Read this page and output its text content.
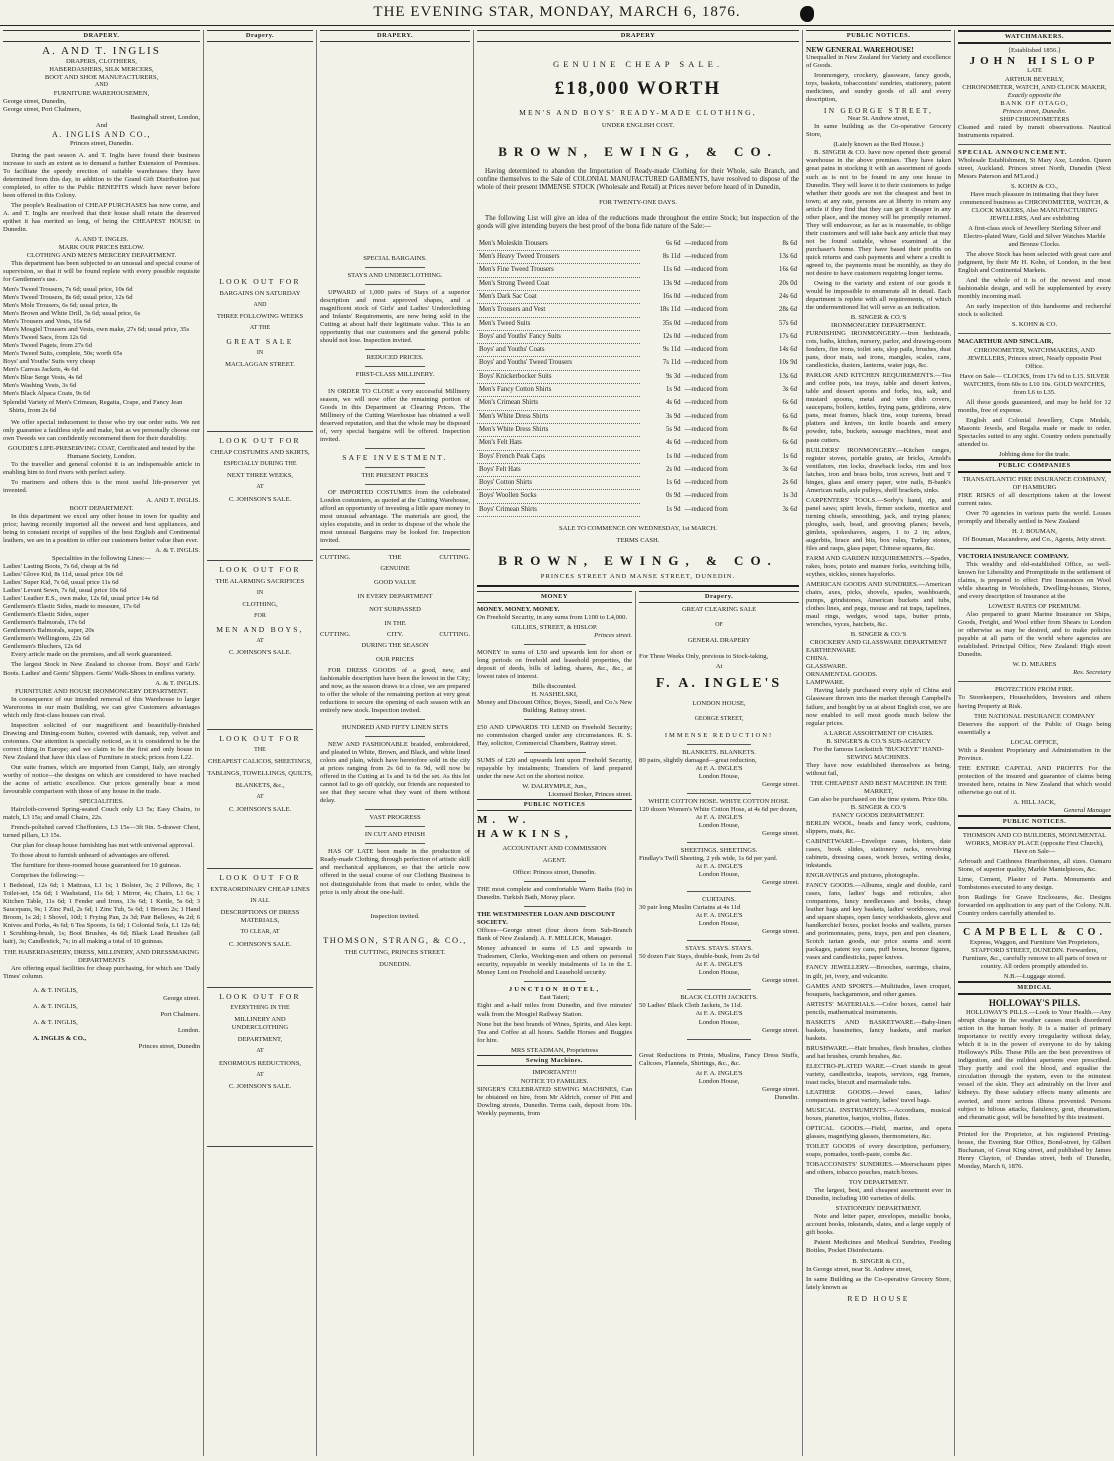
THE EVENING STAR, MONDAY, MARCH 6, 1876.
DRAPERY.
A. AND T. INGLIS
DRAPERS, CLOTHIERS,
HABERDASHERS, SILK MERCERS,
BOOT AND SHOE MANUFACTURERS,
AND
FURNITURE WAREHOUSEMEN,
George street, Dunedin,
George street, Port Chalmers,
Basinghall street, London,
And
A. INGLIS AND CO.,
Princes street, Dunedin.

During the past season A. and T. Inglis have found their business increase to such an extent as to demand a further Extension of Premises. To facilitate the speedy erection of suitable warehouses they have determined from this day, in addition to the Grand Gift Distribution just completed, to offer to the Public BENEFITS which have never before been offered in this Colony.

The people's Realisation of CHEAP PURCHASES has now come, and A. and T. Inglis are resolved that their house shall retain the deserved epithet it has merited so long, of being the CHEAPEST HOUSE in Dunedin.

A. AND T. INGLIS.
MARK OUR PRICES BELOW.
CLOTHING AND MEN'S MERCERY DEPARTMENT.

This department has been subjected to an unusual and special course of supervision, so that it will be found replete with every possible requisite for Gentlemen's use.

Men's Tweed Trousers, 7s 6d; usual price, 10s 6d
Men's Tweed Trousers, 8s 6d; usual price, 12s 6d
Men's Mole Trousers, 6s 6d; usual price, 8s
Men's Brown and White Drill, 3s 6d; usual price, 6s
Men's Trousers and Vests, 16s 6d
Men's Mosgiel Trousers and Vests, own make, 27s 6d; usual price, 35s
Men's Tweed Sacs, from 12s 6d
Men's Tweed Pagets, from 27s 6d
Men's Tweed Suits, complete, 50s; worth 65s
Boys' and Youths' Suits very cheap
Men's Canvas Jackets, 4s 6d
Men's Blue Serge Vests, 4s 6d
Men's Washing Vests, 3s 6d
Men's Black Alpaca Coats, 9s 6d
Splendid Variety of Men's Crimean, Regatta, Crape, and Fancy Jean Shirts, from 2s 6d

We offer special inducement to those who try our order suits. We not only guarantee a faultless style and make, but as we personally choose our own Tweeds we can confidently recommend them for their durability.

GOUDIE'S LIFE-PRESERVING COAT, Certificated and tested by the Humane Society, London.

To the traveller and general colonist it is an indispensable article in enabling him to ford rivers with perfect safety.

To mariners and others this is the most useful life-preserver yet invented.

A. AND T. INGLIS.
BOOT DEPARTMENT.

In this department we excel any other house in town for quality and price; having recently imported all the newest and best appliances, and being in constant receipt of supplies of the best English and Continental leathers, we are in a position to offer our customers better value than ever.

A. & T. INGLIS.
Specialities in the following Lines:—
Ladies' Lasting Boots, 7s 6d, cheap at 9s 6d
Ladies' Glove Kid, 8s 11d, usual price 10s 6d
Ladies' Super Kid, 7s 6d, usual price 11s 6d
Ladies' Levant Sewn, 7s 6d, usual price 10s 6d
Ladies' Leather E.S., own make, 12s 6d, usual price 14s 6d
Gentlemen's Elastic Sides, made to measure, 17s 6d
Gentlemen's Elastic Sides, super
Gentlemen's Balmorals, 17s 6d
Gentlemen's Balmorals, super, 20s
Gentlemen's Wellingtons, 22s 6d
Gentlemen's Bluchers, 12s 6d

Every article made on the premises, and all work guaranteed.

The largest Stock in New Zealand to choose from. Boys' and Girls' Boots. Ladies' and Gents' Slippers. Gents' Walk-Shoes in endless variety.

A. & T. INGLIS.
FURNITURE AND HOUSE IRONMONGERY DEPARTMENT.

In consequence of our intended removal of this Warehouse to larger Warerooms in our main Building, we can give Customers advantages which only first-class houses can rival.

Inspection solicited of our magnificent and beautifully-finished Drawing and Dining-room Suites, covered with damask, rep, velvet and cretonnes. Our attention is specially noticed, as it is considered to be the correct thing in Europe; and we claim to be the first and only house in New Zealand that have this class of Furniture in stock; prices from L22.

Our suite frames, which are imported from Campi, Italy, are strongly worthy of notice—the designs on which are considered to have reached the acme of artistic excellence. Our prices generally bear a most favourable comparison with those of any house in the trade.

SPECIALITIES.

Haircloth-covered Spring-seated Couch only L3 5s; Easy Chairs, to match, L3 15s; and small Chairs, 22s.

French-polished carved Cheffoniers, L3 15s—3ft 9in. 5-drawer Chest, turned pillars, L3 15s.

Our plan for cheap house furnishing has met with universal approval.

To those about to furnish unheard of advantages are offered.

The furniture for three-roomed house guaranteed for 10 guineas.

Comprises the following:—

1 Bedstead, 12s 6d; 1 Mattrass, L1 1s; 1 Bolster, 3s; 2 Pillows, 8s; 1 Toilet-set, 15s 6d; 1 Washstand, 11s 6d; 1 Mirror, 4s; Chairs, L1 6s; 1 Kitchen Table, 11s 6d; 1 Fender and Irons, 13s 6d; 1 Kettle, 5s 6d; 3 Saucepans, 9s; 1 Zinc Pail, 2s 6d; 1 Zinc Tub, 5s 6d; 1 Broom 2s; 1 Hand Broom, 1s 2d; 1 Shovel, 10d; 1 Frying Pan, 2s 3d; Pair Bellows, 4s 2d; 6 Knives and Forks, 4s 6d; 6 Tea Spoons, 1s 6d; 1 Colonial Sofa, L1 12s 6d; 1 Scrubbing-brush, 1s; Boot Brushes, 4s 6d; Black Lead Brushes (all hair), 3s; Candlestick, 7s; in all making a total of 10 guineas.

THE HABERDASHERY, DRESS, MILLINERY, AND DRESSMAKING DEPARTMENTS

Are offering equal facilities for cheap purchasing, for which see 'Daily Times' column.

A. & T. INGLIS,
George street.
A. & T. INGLIS,
Port Chalmers.
A. & T. INGLIS,
London.
A. INGLIS & CO.,
Princes street, Dunedin
Drapery.
LOOK OUT FOR
BARGAINS ON SATURDAY
AND
THREE FOLLOWING WEEKS
AT THE
GREAT SALE
IN
MACLAGGAN STREET.
LOOK OUT FOR
CHEAP COSTUMES AND SKIRTS,
ESPECIALLY DURING THE
NEXT THREE WEEKS,
AT
C. JOHNSON'S SALE.
LOOK OUT FOR
THE ALARMING SACRIFICES
IN
CLOTHING,
FOR
MEN AND BOYS,
AT
C. JOHNSON'S SALE.
LOOK OUT FOR
THE
CHEAPEST CALICOS, SHEETINGS,
TABLINGS, TOWELLINGS, QUILTS,
BLANKETS, &c.,
AT
C. JOHNSON'S SALE.
LOOK OUT FOR
EXTRAORDINARY CHEAP LINES
IN ALL
DESCRIPTIONS OF DRESS MATERIALS,
TO CLEAR, AT
C. JOHNSON'S SALE.
LOOK OUT FOR
EVERYTHING IN THE
MILLINERY AND UNDERCLOTHING
DEPARTMENT,
AT
ENORMOUS REDUCTIONS,
AT
C. JOHNSON'S SALE.
DRAPERY.
SPECIAL BARGAINS.
STAYS AND UNDERCLOTHING.

UPWARD of 1,000 pairs of Stays of a superior description and most approved shapes, and a magnificent stock of Girls' and Ladies' Underclothing and Infants' Requirements, are now being sold in the Cutting at about half their legitimate value. This is an opportunity that our customers and the general public should not lose. Inspection invited.

REDUCED PRICES.
FIRST-CLASS MILLINERY.

IN ORDER TO CLOSE a very successful Millinery season, we will now offer the remaining portion of Goods in this Department at Clearing Prices. The Millinery of the Cutting Warehouse has obtained a well deserved reputation, and that the whole may be disposed of, very special bargains will be offered. Inspection invited.

SAFE INVESTMENT.
THE PRESENT PRICES

OF IMPORTED COSTUMES from the celebrated London costumiers, as quoted at the Cutting Warehouse, afford an opportunity of investing a little spare money to most unusual advantage. The materials are good, the styles exquisite, and in order to dispose of the whole the most unusual Bargains may be looked for. Inspection invited.

CUTTING.	THE	CUTTING.
GENUINE
GOOD VALUE
IN EVERY DEPARTMENT
NOT SURPASSED
IN THE
CUTTING.	CITY.	CUTTING.
DURING THE SEASON
OUR PRICES

FOR DRESS GOODS of a good, new, and fashionable description have been the lowest in the City; and now, as the season draws to a close, we are prepared to offer the whole of the remaining portion at very great reductions to secure the opening of each season with an entirely new stock. Inspection invited.

HUNDRED AND FIFTY LINEN SETS

NEW AND FASHIONABLE braided, embroidered, and pleated in White, Brown, and Black, and white lined colors and plain, which have heretofore sold in the city at prices ranging from 2s 6d to 6s 9d, will now be offered in the Cutting at 1s and 1s 6d the set. As this lot cannot fail to go off quickly, our friends are requested to see that they secure what they want of them without delay.

VAST PROGRESS
IN CUT AND FINISH

HAS OF LATE been made in the production of Ready-made Clothing, through perfection of artistic skill and mechanical appliances, so that the article now offered in the usual course of our Clothing Business is not distinguishable from that made to order, while the price is only about the one-half.

Inspection invited.
THOMSON, STRANG, & CO.,
THE CUTTING, PRINCES STREET.
DUNEDIN.
DRAPERY
GENUINE CHEAP SALE.
£18,000 WORTH
MEN'S AND BOYS' READY-MADE CLOTHING,
UNDER ENGLISH COST.
BROWN, EWING, & CO.

Having determined to abandon the Importation of Ready-made Clothing for their Whole, sale Branch, and confine themselves to the Sale of COLONIAL MANUFACTURED GARMENTS, have resolved to dispose of the whole of their present IMMENSE STOCK (Wholesale and Retail) at Prices never before heard of in Dunedin,

FOR TWENTY-ONE DAYS.

The following List will give an idea of the reductions made throughout the entire Stock; but inspection of the goods will give intending buyers the best proof of the bona fide nature of the Sale:—

Men's Moleskin Trousers	6s 6d	—reduced from	8s 6d
Men's Heavy Tweed Trousers	8s 11d	—reduced from	13s 6d
Men's Fine Tweed Trousers	11s 6d	—reduced from	16s 6d
Men's Strong Tweed Coat	13s 9d	—reduced from	20s 0d
Men's Dark Sac Coat	16s 0d	—reduced from	24s 6d
Men's Trousers and Vest	18s 11d	—reduced from	28s 6d
Men's Tweed Suits	35s 0d	—reduced from	57s 6d
Boys' and Youths' Fancy Suits	12s 0d	—reduced from	17s 6d
Boys' and Youths' Coats	9s 11d	—reduced from	14s 6d
Boys' and Youths' Tweed Trousers	7s 11d	—reduced from	10s 9d
Boys' Knickerbocker Suits	9s 3d	—reduced from	13s 6d
Men's Fancy Cotton Shirts	1s 9d	—reduced from	3s 6d
Men's Crimean Shirts	4s 6d	—reduced from	6s 6d
Men's White Dress Shirts	3s 9d	—reduced from	6s 6d
Men's White Dress Shirts	5s 9d	—reduced from	8s 6d
Men's Felt Hats	4s 6d	—reduced from	6s 6d
Boys' French Peak Caps	1s 0d	—reduced from	1s 6d
Boys' Felt Hats	2s 0d	—reduced from	3s 6d
Boys' Cotton Shirts	1s 6d	—reduced from	2s 6d
Boys' Woollen Socks	0s 9d	—reduced from	1s 3d
Boys' Crimean Shirts	1s 9d	—reduced from	3s 6d
SALE TO COMMENCE ON WEDNESDAY, 1st MARCH.
TERMS CASH.
BROWN, EWING, & CO.
PRINCES STREET AND MANSE STREET, DUNEDIN.
MONEY
MONEY. MONEY. MONEY.

On Freehold Security, in any sums from L100 to L4,000.

GILLIES, STREET, & HISLOP.
Princes street.

MONEY in sums of L50 and upwards lent for short or long periods on freehold and leasehold properties, the deposit of deeds, bills of lading, shares, &c., &c., at lowest rates of interest.

Bills discounted.
H. NASHELSKI,
Money and Discount Office, Boyes, Steedl, and Co.'s New Building, Rattray street.

£50 AND UPWARDS TO LEND on Freehold Security; no commission charged under any circumstances. R. S. Hay, solicitor, Commercial Chambers, Rattray street.

SUMS of £20 and upwards lent upon Freehold Security, repayable by instalments; Transfers of land prepared under the new Act on the shortest notice.

W. DALRYMPLE, Jun.,
Licensed Broker, Princes street.
PUBLIC NOTICES
M. W. HAWKINS,
ACCOUNTANT AND COMMISSION
AGENT.
Office: Princes street, Dunedin.

THE most complete and comfortable Warm Baths (6s) in Dunedin. Turkish Bath, Moray place.

THE WESTMINSTER LOAN AND DISCOUNT SOCIETY.

Offices—George street (four doors from Sub-Branch Bank of New Zealand). A. F. MELLICK, Manager.

Money advanced in sums of L5 and upwards to Tradesmen, Clerks, Working-men and others on personal security, repayable in weekly instalments of 1s in the £. Money Lent on Freehold and Leasehold security.

JUNCTION HOTEL,
East Taieri;

Eight and a-half miles from Dunedin, and five minutes' walk from the Mosgiel Railway Station.

None but the best brands of Wines, Spirits, and Ales kept. Tea and Coffee at all hours. Saddle Horses and Buggies for hire.

MRS STEADMAN, Proprietress
Sewing Machines.
IMPORTANT!!!
NOTICE TO FAMILIES.

SINGER'S CELEBRATED SEWING MACHINES, Can be obtained on hire, from Mr Aldrich, corner of Pitt and Dowling streets, Dunedin. Terms cash, deposit from 10s. Weekly payments, from

Drapery.
GREAT CLEARING SALE
OF
GENERAL DRAPERY

For Three Weeks Only, previous to Stock-taking,

At
F. A. INGLE'S
LONDON HOUSE,
GEORGE STREET,
IMMENSE REDUCTION!
BLANKETS. BLANKETS.
80 pairs, slightly damaged—great reduction,
At F. A. INGLE'S
London House,
George street.
WHITE COTTON HOSE. WHITE COTTON HOSE.
120 dozen Women's White Cotton Hose, at 4s 6d per dozen,
At F. A. INGLE'S
London House,
George street.
SHEETINGS. SHEETINGS.
Findlay's Twill Sheeting, 2 yds wide, 1s 6d per yard.
At F. A. INGLE'S
London House,
George street.
CURTAINS.
30 pair long Muslin Curtains at 4s 11d
At F. A. INGLE'S
London House,
George street.
STAYS. STAYS. STAYS.
50 dozen Fair Stays, double-busk, from 2s 6d
At F. A. INGLE'S
London House,
George street.
BLACK CLOTH JACKETS.
50 Ladies' Black Cloth Jackets, 3s 11d.
At F. A. INGLE'S
London House,
George street.

Great Reductions in Prints, Muslins, Fancy Dress Stuffs, Calicoes, Flannels, Shirtings, &c., &c.

At F. A. INGLE'S
London House,
George street.
Dunedin.
PUBLIC NOTICES.
NEW GENERAL WAREHOUSE!

Unequalled in New Zealand for Variety and excellence of Goods.

Ironmongery, crockery, glassware, fancy goods, toys, baskets, tobacconists' sundries, stationery, patent medicines, and sundry goods of all and every description,

IN GEORGE STREET,
Near St. Andrew street,

In same building as the Co-operative Grocery Store,

(Lately known as the Red House.)

B. SINGER & CO. have now opened their general warehouse in the above premises. They have taken great pains in stocking it with an assortment of goods such as is not to be found in any one house in Dunedin. They will leave it to their customers to judge whether their goods are not the cheapest and best in town; at any rate, persons are at liberty to return any article if they find that they can get it cheaper in any other place, and the money will be promptly returned. They will endeavour, as far as is reasonable, to oblige their customers and will take back any article that may not be found suitable, whose examined at the purchaser's home. They have based their profits on quick returns and cash payments and where a credit is agreed to, the payments must be monthly, as they do not desire to have customers requiring longer terms.

Owing to the variety and extent of our goods it would be impossible to enumerate all in detail. Each department is replete with all requirements, of which the undermentioned list will serve as an indication.

B. SINGER & CO.'S
IRONMONGERY DEPARTMENT.

FURNISHING IRONMONGERY.—Iron bedsteads, cots, baths, kitchen, nursery, parlor, and drawing-room fenders, fire irons, toilet sets, slop pails, brushes, dust pans, door mats, sad irons, mangles, scales, cans, candlesticks, dusters, lanterns, water jugs, &c.

PARLOR AND KITCHEN REQUIREMENTS.—Tea and coffee pots, tea trays, table and desert knives, table and dessert spoons and forks, tea, salt, and mustard spoons, metal and wire dish covers, saucepans, boilers, kettles, frying pans, gridirons, stew pans, meat frames, black tins, soup tureens, bread platters and knives, tin knife boards and emery powder, tubs, buckets, sausage machines, meat and paste cutters.

BUILDERS' IRONMONGERY.—Kitchen ranges, register stoves, portable grates, air bricks, Arnold's ventilators, rim locks, drawback locks, rim and box latches, iron and brass bolts, iron screws, butt and T hinges, glass and emery paper, wire nails, B-bank's American nails, axle pulleys, shelf brackets, sinks.

CARPENTERS' TOOLS.—Sorby's hand, rip, and panel saws; spirit levels, firmer sockets, mortice and turning chisels, smoothing, jack, and trying planes; ploughs, sash, bead, and grooving planes; bevels, gimlets, spokeshaves, augers, 1 to 2 in; adzes, augerbits, brace and bits, box rules, Turkey stones, files and rasps, glass paper, Chinese squares, &c.

FARM AND GARDEN REQUIREMENTS.—Spades, rakes, hoes, potato and manure forks, switching bills, scythes, sickles, stones haysforks.

AMERICAN GOODS AND SUNDRIES.—American chairs, axes, picks, shovels, spades, washboards, pumps, grindstones, American buckets and tubs, clothes lines, and pegs, mouse and rat traps, tapelines, maul rings, wedges, wood taps, butter prints, wrenches, vyces, hatchets, &c.

B. SINGER & CO.'S
CROCKERY AND GLASSWARE DEPARTMENT
EARTHENWARE.
CHINA.
GLASSWARE.
ORNAMENTAL GOODS.
LAMPWARE.

Having lately purchased every style of China and Glassware thrown into the market through Campbell's failure, and bought by us at about English cost, we are now enabled to sell most goods much below the regular prices.

A LARGE ASSORTMENT OF CHAIRS.
B. SINGER'S & CO.'S SUB-AGENCY
For the famous Lockstitch "BUCKEYE" HAND-SEWING MACHINES.

They have now established themselves as being, without fail,

THE CHEAPEST AND BEST MACHINE IN THE MARKET,
Can also be purchased on the time system. Price 60s.
B. SINGER & CO.'S
FANCY GOODS DEPARTMENT.

BERLIN WOOL, beads and fancy work, cushions, slippers, mats, &c.

CABINETWARE.—Envelope cases, blotters, date cases, book slides, stationery racks, revolving cabinets, dressing cases, work boxes, writing desks, inkstands.

ENGRAVINGS and pictures, photographs.

FANCY GOODS.—Albums, single and double, card cases, fans, ladies' bags and reticules, also companions, fancy needlecases and books, cheap leather bags and key baskets, ladies' workboxes, oval and square shapes, open fancy workbaskets, glove and handkerchief boxes, pocket books and wallets, purses and portmonnaies, pens, trays, pen and pen cleaners, Scotch tartan goods, our price seams and scent packages, patent toy cans, puff boxes, bronze figures, vases and candlesticks, paper knives.

FANCY JEWELLERY.—Brooches, earrings, chains, in gilt, jet, ivory, and vulcanite.

GAMES AND SPORTS.—Multitudes, lawn croquet, bouquets, backgammon, and other games.

ARTISTS' MATERIALS.—Color boxes, camel hair pencils, mathematical instruments.

BASKETS AND BASKETWARE.—Baby-linen baskets, bassinettes, fancy baskets, and market baskets.

BRUSHWARE.—Hair brushes, flesh brushes, clothes and hat brushes, crumb brushes, &c.

ELECTRO-PLATED WARE.—Cruet stands in great variety, candlesticks, teapots, services, egg frames, toast racks, biscuit and marmalade tubs.

LEATHER GOODS.—Jewel cases, ladies' companions in great variety, ladies' travel bags.

MUSICAL INSTRUMENTS.—Accordians, musical boxes, pianettos, banjos, violins, flutes.

OPTICAL GOODS.—Field, marine, and opera glasses, magnifying glasses, thermometers, &c.

TOILET GOODS of every description, perfumery, soaps, pomades, tooth-paste, combs &c.

TOBACCONISTS' SUNDRIES.—Meerschaum pipes and others, tobacco pouches, match boxes.

TOY DEPARTMENT.

The largest, best, and cheapest assortment ever in Dunedin, including 100 varieties of dolls.

STATIONERY DEPARTMENT.

Note and letter paper, envelopes, metallic books, account books, inkstands, slates, and a large supply of gift books.

Patent Medicines and Medical Sundries, Feeding Bottles, Pocket Disinfectants.

B. SINGER & CO.,

In George street, near St. Andrew street,

In same Building as the Co-operative Grocery Store, lately known as

RED HOUSE
WATCHMAKERS.
[Established 1856.]
JOHN HISLOP
LATE
ARTHUR BEVERLY,
CHRONOMETER, WATCH, AND CLOCK MAKER,
Exactly opposite the
BANK OF OTAGO,
Princes street, Dunedin.
SHIP CHRONOMETERS

Cleaned and rated by transit observations. Nautical Instruments repaired.

SPECIAL ANNOUNCEMENT.

Wholesale Establishment, St Mary Axe, London. Queen street, Auckland. Princes street North, Dunedin (Next Messrs Paterson and M'Leod.)

S. KOHN & CO.,

Have much pleasure in intimating that they have commenced business as CHRONOMETER, WATCH, & CLOCK MAKERS, Also MANUFACTURING JEWELLERS, And are exhibiting

A first-class stock of Jewellery Sterling Silver and Electro-plated Ware, Gold and Silver Watches Marble and Bronze Clocks.

The above Stock has been selected with great care and judgment, by their Mr H. Kohn, of London, in the best English and Continental Markets.

And the whole of it is of the newest and most fashionable design, and will be supplemented by every monthly incoming mail.

An early inspection of this handsome and recherché stock is solicited.

S. KOHN & CO.
MACARTHUR AND SINCLAIR,

CHRONOMETER, WATCHMAKERS, AND JEWELLERS, Princes street, Nearly opposite Post Office.

Have on Sale— CLOCKS, from 17s 6d to L15. SILVER WATCHES, from 60s to L10 10s. GOLD WATCHES, from L6 to L35.

All these goods guaranteed, and may be held for 12 months, free of expense.

English and Colonial Jewellery, Cups Medals, Masonic Jewels, and Regalia made or made to order. Spectacles suited to any sight. Country orders punctually attended to.

Jobbing done for the trade.
PUBLIC COMPANIES
TRANSATLANTIC FIRE INSURANCE COMPANY, OF HAMBURG

FIRE RISKS of all descriptions taken at the lowest current rates.

Over 70 agencies in various parts the world. Losses promptly and liberally settled in New Zealand

H. J. BOUMAN,
Of Bouman, Macandrew, and Co., Agents, Jetty street.
VICTORIA INSURANCE COMPANY.

This wealthy and old-established Office, so well-known for Liberality and Promptitude in the settlement of claims, is prepared to effect Fire Insurances on Wool while shearing in Woolsheds, Dwelling-houses, Stores, and every description of Insurance at the

LOWEST RATES OF PREMIUM.

Also prepared to grant Marine Insurance on Ships, Goods, Freight, and Wool either from Shears to London or otherwise as may be desired, and to make policies payable at all parts of the world where agencies are established. Principal Office, New Zealand: High street Dunedin.

W. D. MEARES
Res. Secretary
PROTECTION FROM FIRE.

To Storekeepers, Householders, Investors and others having Property at Risk.

THE NATIONAL INSURANCE COMPANY

Deserves the support of the Public of Otago being essentially a

LOCAL OFFICE,

With a Resident Proprietary and Administration in the Province.

THE ENTIRE CAPITAL AND PROFITS For the protection of the insured and guarantee of claims being invested here, retains in New Zealand that which would otherwise go out of it.

A. HILL JACK,
General Manager
PUBLIC NOTICES.

THOMSON AND CO BUILDERS, MONUMENTAL WORKS, MORAY PLACE (opposite First Church), Have on Sale—

Arbroath and Caithness Hearthstones, all sizes. Oamaru Stone, of superior quality, Marble Mantelpieces, &c.

Lime, Cement, Plaster of Paris. Monuments and Tombstones executed to any design.

Iron Railings for Grave Enclosures, &c. Designs forwarded on application to any part of the Colony. N.B. Country orders carefully attended to.

CAMPBELL & CO.

Express, Waggon, and Furniture Van Proprietors, STAFFORD STREET, DUNEDIN. Forwarders, Furniture, &c., carefully remove to all parts of town or country. All orders promptly attended to.

N.B.—Luggage stored.
MEDICAL
HOLLOWAY'S PILLS.

HOLLOWAY'S PILLS.—Look to Your Health.—Any abrupt change in the weather causes much disordered action in the human body. It is a matter of primary importance to rectify every irregularity without delay, which it is in the power of everyone to do by taking Holloway's Pills. These Pills are the best preventives of indigestion, and the mildest aperients ever prescribed. They purify and cool the blood, and equalise the circulation through the system, even to the minutest vessel of the skin. They act admirably on the liver and kidneys. By these salutary effects many ailments are averted, and more serious illness prevented. Persons subject to bilious attacks, flatulency, gout, rheumatism, and rheumatic gout, will be benefited by this treatment.

Printed for the Proprietor, at his registered Printing-house, the Evening Star Office, Bond-street, by Gilbert Buchanan, of Great King street, and published by James Henry Clayton, of Dundas street, both of Dunedin, Monday, March 6, 1876.
